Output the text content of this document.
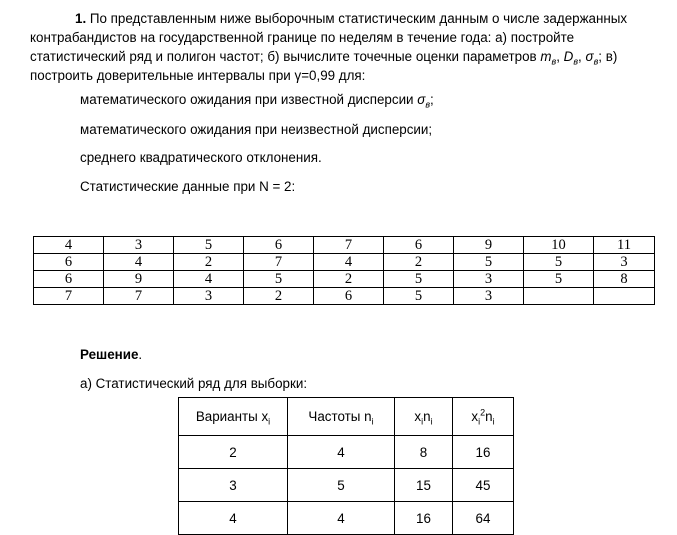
1. По представленным ниже выборочным статистическим данным о числе задержанных контрабандистов на государственной границе по неделям в течение года: а) постройте статистический ряд и полигон частот; б) вычислите точечные оценки параметров $m_в$, $D_в$, $\sigma_в$; в) построить доверительные интервалы при γ=0,99 для:
математического ожидания при известной дисперсии $\sigma_в$;
математического ожидания при неизвестной дисперсии;
среднего квадратического отклонения.
Статистические данные при N = 2:
4	3	5	6	7	6	9	10	11
6	4	2	7	4	2	5	5	3
6	9	4	5	2	5	3	5	8
7	7	3	2	6	5	3		
Решение.
а) Статистический ряд для выборки:
Варианты $x_i$	Частоты $n_i$	$x_in_i$	$x_i^2n_i$
2	4	8	16
3	5	15	45
4	4	16	64
